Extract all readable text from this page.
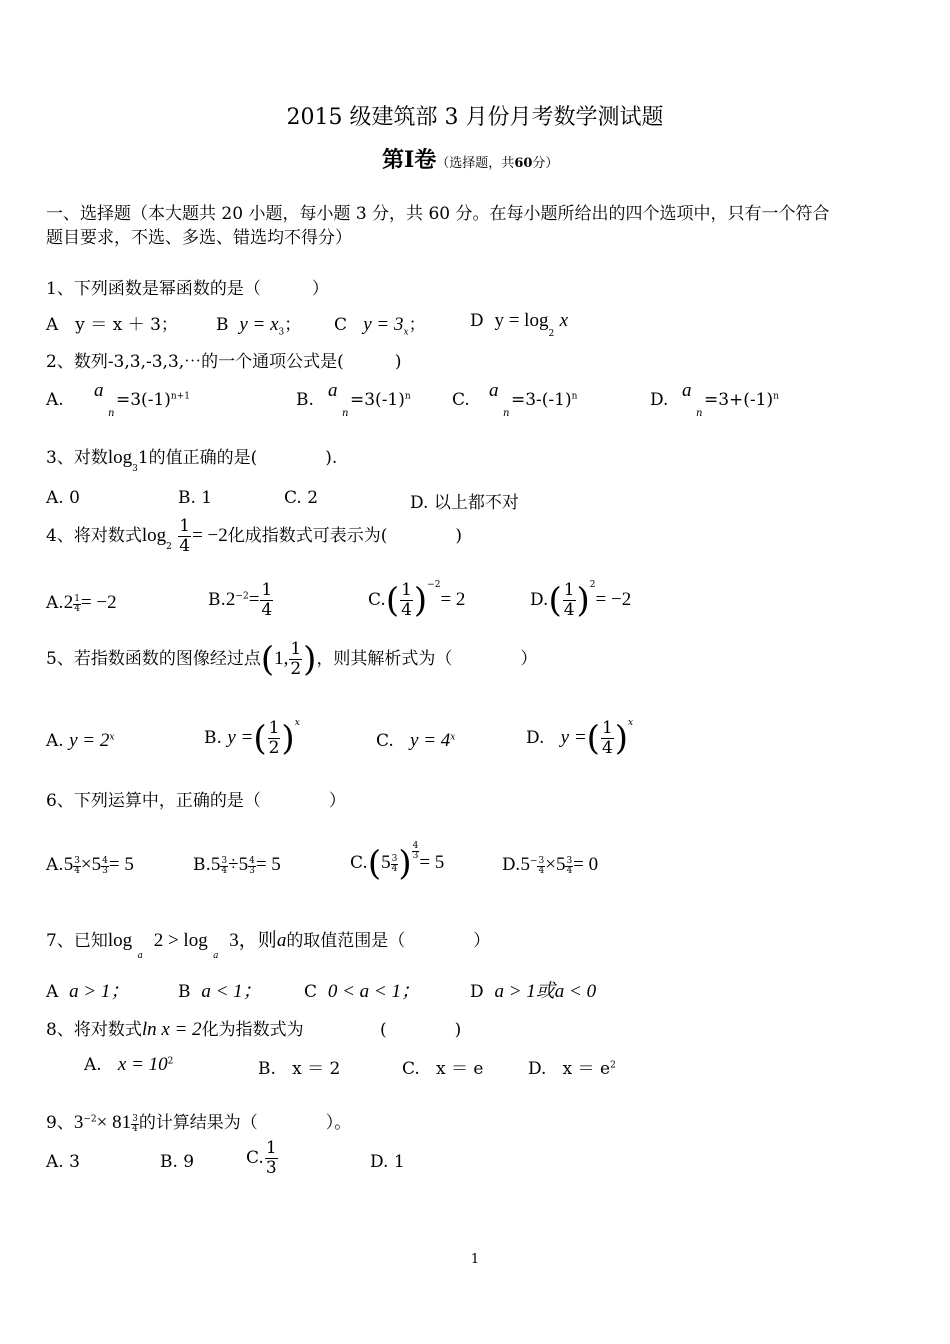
2015 级建筑部 3 月份月考数学测试题
第Ⅰ卷（选择题，共60分）
一、选择题（本大题共 20 小题，每小题 3 分，共 60 分。在每小题所给出的四个选项中，只有一个符合
题目要求，不选、多选、错选均不得分）
1、下列函数是幂函数的是（　　　）
A　y ＝ x ＋ 3； B $y = x_3$； C $y = 3_x$；	D $y = \log_2 x$
2、数列-3,3,-3,3,⋯的一个通项公式是(　　　)
A. a
n
$=3(-1)^{n+1}$	B. a
n
$=3(-1)^n$ C. a
n
$=3-(-1)^n$	D. a
n
$=3+(-1)^n$
3、对数$\log_31$的值正确的是(　　　　).
A. 0	B. 1	C. 2	D. 以上都不对
4、将对数式$\log_2 \frac{1}{4} = -2$化成指数式可表示为(　　　　)
$A.2 \frac{1}{4} = -2$	$B.2^{-2}= \frac{1}{4}$	$C.( \frac{1}{4} )^{-2}= 2$	$D.( \frac{1}{4} )^2= -2$
5、若指数函数的图像经过点(1, $\frac{1}{2}$ )，则其解析式为（　　　　）
A. $y = 2^x$	B. y =( $\frac{1}{2} )^x$
C. $y = 4^x$	D. y =( $\frac{1}{4} )^x$
6、下列运算中，正确的是（　　　　）
$A.5 \frac{3}{4} \times 5 \frac{4}{3} = 5$	$B.5 \frac{3}{4} \div 5 \frac{4}{3} = 5$	$C.(5 \frac{3}{4}$ ) $\frac{4}{3}$
= 5	$D.5^- \frac{3}{4} \times 5 \frac{3}{4} = 0$
7、已知log $_a$  2 > log $_a$  3，则a的取值范围是（　　　　）
A a > 1；	B a < 1； C 0 < a < 1；	D a > 1或a < 0
8、将对数式ln x = 2化为指数式为	(　　　　)
A. $x = 10^2$	B. x ＝ 2	C. x ＝ e	D. $x = e^2$
9、$3^{-2}\times 81 \frac{3}{4}$ 的计算结果为（　　　　）。
A. 3	B. 9	C. $\frac{1}{3}$	D. 1
1
